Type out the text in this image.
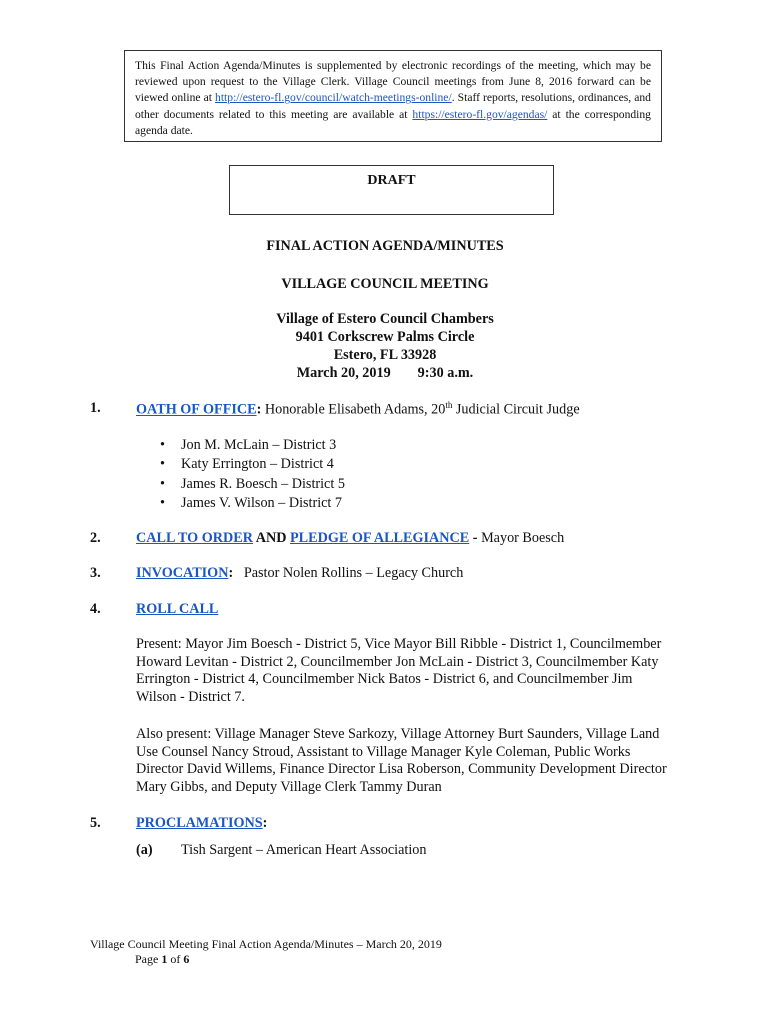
This Final Action Agenda/Minutes is supplemented by electronic recordings of the meeting, which may be reviewed upon request to the Village Clerk. Village Council meetings from June 8, 2016 forward can be viewed online at http://estero-fl.gov/council/watch-meetings-online/. Staff reports, resolutions, ordinances, and other documents related to this meeting are available at https://estero-fl.gov/agendas/ at the corresponding agenda date.
DRAFT
FINAL ACTION AGENDA/MINUTES
VILLAGE COUNCIL MEETING
Village of Estero Council Chambers
9401 Corkscrew Palms Circle
Estero, FL 33928
March 20, 2019 9:30 a.m.
1. OATH OF OFFICE: Honorable Elisabeth Adams, 20th Judicial Circuit Judge
• Jon M. McLain – District 3
• Katy Errington – District 4
• James R. Boesch – District 5
• James V. Wilson – District 7
2. CALL TO ORDER AND PLEDGE OF ALLEGIANCE - Mayor Boesch
3. INVOCATION:   Pastor Nolen Rollins – Legacy Church
4. ROLL CALL
Present: Mayor Jim Boesch - District 5, Vice Mayor Bill Ribble - District 1, Councilmember Howard Levitan - District 2, Councilmember Jon McLain - District 3, Councilmember Katy Errington - District 4, Councilmember Nick Batos - District 6, and Councilmember Jim Wilson - District 7.
Also present: Village Manager Steve Sarkozy, Village Attorney Burt Saunders, Village Land Use Counsel Nancy Stroud, Assistant to Village Manager Kyle Coleman, Public Works Director David Willems, Finance Director Lisa Roberson, Community Development Director Mary Gibbs, and Deputy Village Clerk Tammy Duran
5. PROCLAMATIONS:
(a) Tish Sargent – American Heart Association
Village Council Meeting Final Action Agenda/Minutes – March 20, 2019
Page 1 of 6
